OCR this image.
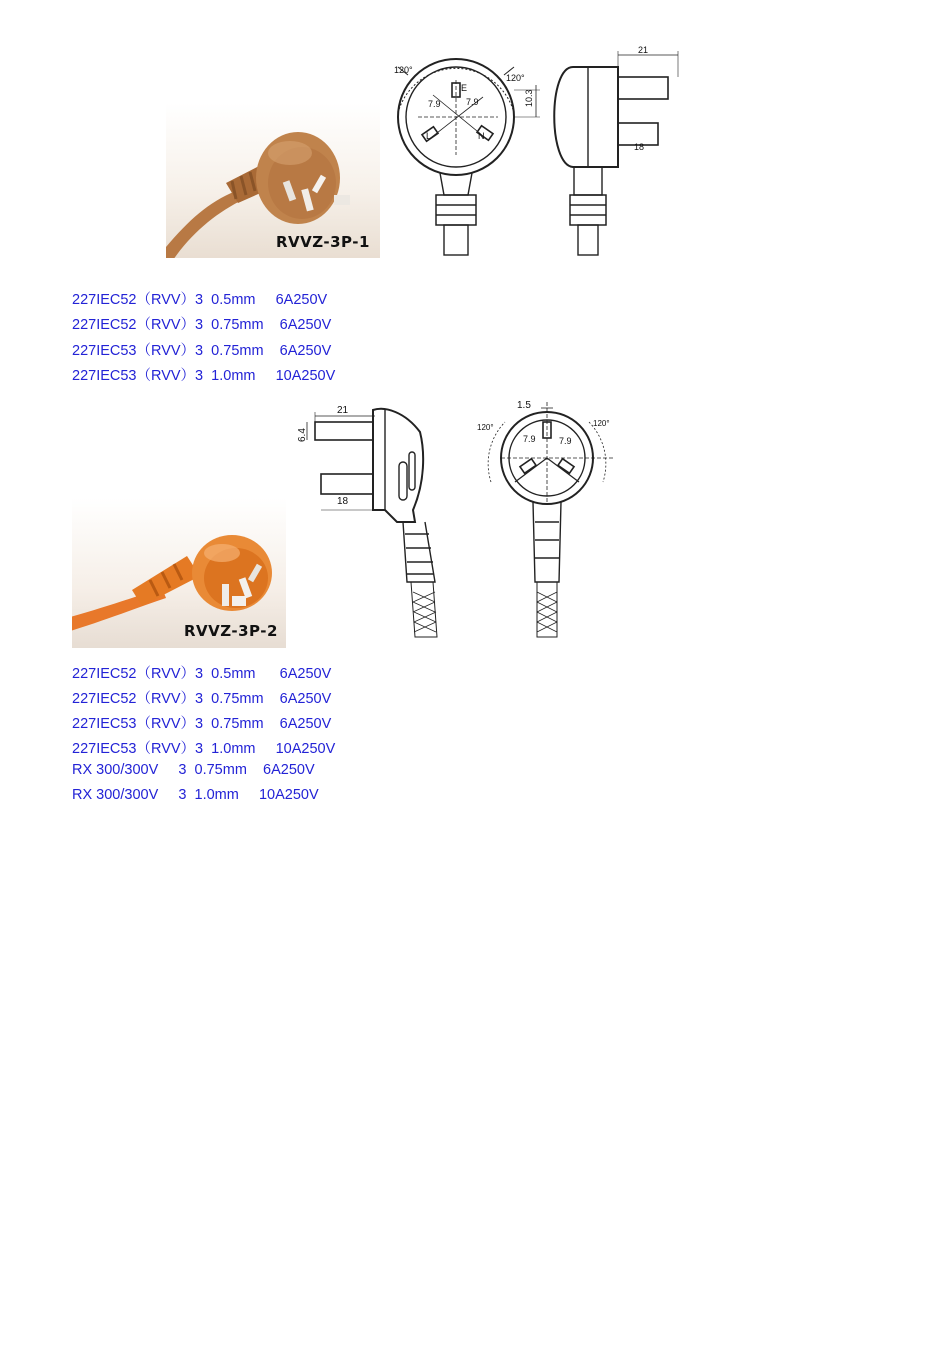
RVVZ-3P-1
120°
120°
7.9	7.9	10.3
21
18
L	N
E
227IEC52（RVV）3  0.5mm     6A250V
227IEC52（RVV）3  0.75mm    6A250V
227IEC53（RVV）3  0.75mm    6A250V
227IEC53（RVV）3  1.0mm     10A250V
RVVZ-3P-2
21
6.4
18
1.5
120°	120°
7.9	7.9
227IEC52（RVV）3  0.5mm      6A250V
227IEC52（RVV）3  0.75mm    6A250V
227IEC53（RVV）3  0.75mm    6A250V
227IEC53（RVV）3  1.0mm     10A250V
RX 300/300V     3  0.75mm    6A250V
RX 300/300V     3  1.0mm     10A250V
